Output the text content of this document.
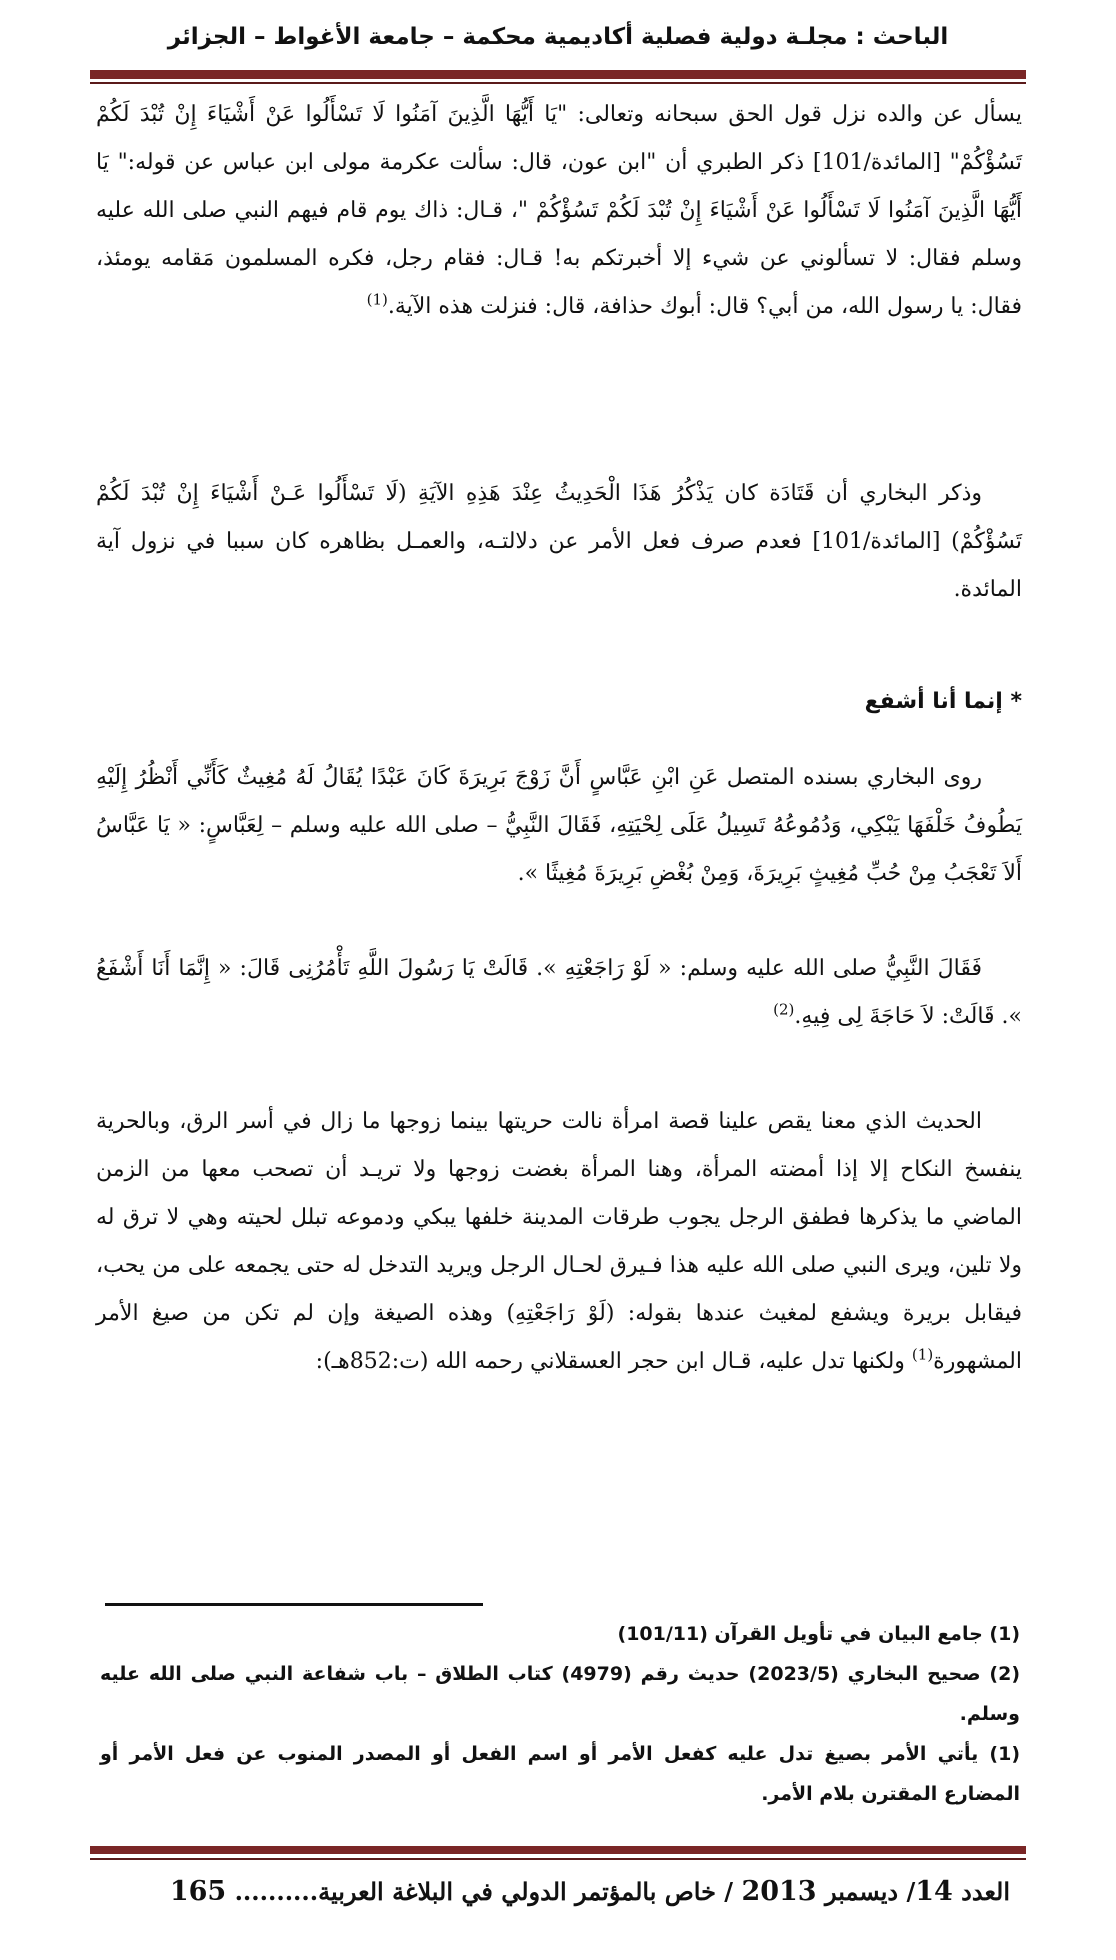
الباحث : مجلـة دولية فصلية أكاديمية محكمة – جامعة الأغواط – الجزائر
يسأل عن والده نزل قول الحق سبحانه وتعالى: "يَا أَيُّهَا الَّذِينَ آمَنُوا لَا تَسْأَلُوا عَنْ أَشْيَاءَ إِنْ تُبْدَ لَكُمْ تَسُؤْكُمْ" [المائدة/101] ذكر الطبري أن "ابن عون، قال: سألت عكرمة مولى ابن عباس عن قوله:" يَا أَيُّهَا الَّذِينَ آمَنُوا لَا تَسْأَلُوا عَنْ أَشْيَاءَ إِنْ تُبْدَ لَكُمْ تَسُؤْكُمْ "، قـال: ذاك يوم قام فيهم النبي صلى الله عليه وسلم فقال: لا تسألوني عن شيء إلا أخبرتكم به! قـال: فقام رجل، فكره المسلمون مَقامه يومئذ، فقال: يا رسول الله، من أبي؟ قال: أبوك حذافة، قال: فنزلت هذه الآية.$^{(1)}$
وذكر البخاري أن قَتَادَة كان يَذْكُرُ هَذَا الْحَدِيثُ عِنْدَ هَذِهِ الآيَةِ (لَا تَسْأَلُوا عَـنْ أَشْيَاءَ إِنْ تُبْدَ لَكُمْ تَسُؤْكُمْ) [المائدة/101] فعدم صرف فعل الأمر عن دلالتـه، والعمـل بظاهره كان سببا في نزول آية المائدة.
* إنما أنا أشفع
روى البخاري بسنده المتصل عَنِ ابْنِ عَبَّاسٍ أَنَّ زَوْجَ بَرِيرَةَ كَانَ عَبْدًا يُقَالُ لَهُ مُغِيثٌ كَأَنِّي أَنْظُرُ إِلَيْهِ يَطُوفُ خَلْفَهَا يَبْكِي، وَدُمُوعُهُ تَسِيلُ عَلَى لِحْيَتِهِ، فَقَالَ النَّبِيُّ – صلى الله عليه وسلم – لِعَبَّاسٍ: « يَا عَبَّاسُ أَلاَ تَعْجَبُ مِنْ حُبِّ مُغِيثٍ بَرِيرَةَ، وَمِنْ بُغْضِ بَرِيرَةَ مُغِيثًا ».
فَقَالَ النَّبِيُّ صلى الله عليه وسلم: « لَوْ رَاجَعْتِهِ ». قَالَتْ يَا رَسُولَ اللَّهِ تَأْمُرُنِى قَالَ: « إِنَّمَا أَنَا أَشْفَعُ ». قَالَتْ: لاَ حَاجَةَ لِى فِيهِ.$^{(2)}$
الحديث الذي معنا يقص علينا قصة امرأة نالت حريتها بينما زوجها ما زال في أسر الرق، وبالحرية ينفسخ النكاح إلا إذا أمضته المرأة، وهنا المرأة بغضت زوجها ولا تريـد أن تصحب معها من الزمن الماضي ما يذكرها فطفق الرجل يجوب طرقات المدينة خلفها يبكي ودموعه تبلل لحيته وهي لا ترق له ولا تلين، ويرى النبي صلى الله عليه هذا فـيرق لحـال الرجل ويريد التدخل له حتى يجمعه على من يحب، فيقابل بريرة ويشفع لمغيث عندها بقوله: (لَوْ رَاجَعْتِهِ) وهذه الصيغة وإن لم تكن من صيغ الأمر المشهورة$^{(1)}$ ولكنها تدل عليه، قـال ابن حجر العسقلاني رحمه الله (ت:852هـ):

(1) جامع البيان في تأويل القرآن (101/11)

(2) صحيح البخاري (2023/5) حديث رقم (4979) كتاب الطلاق – باب شفاعة النبي صلى الله عليه وسلم.

(1) يأتي الأمر بصيغ تدل عليه كفعل الأمر أو اسم الفعل أو المصدر المنوب عن فعل الأمر أو المضارع المقترن بلام الأمر.

العدد 14/ ديسمبر 2013 / خاص بالمؤتمر الدولي في البلاغة العربية.......... 165
